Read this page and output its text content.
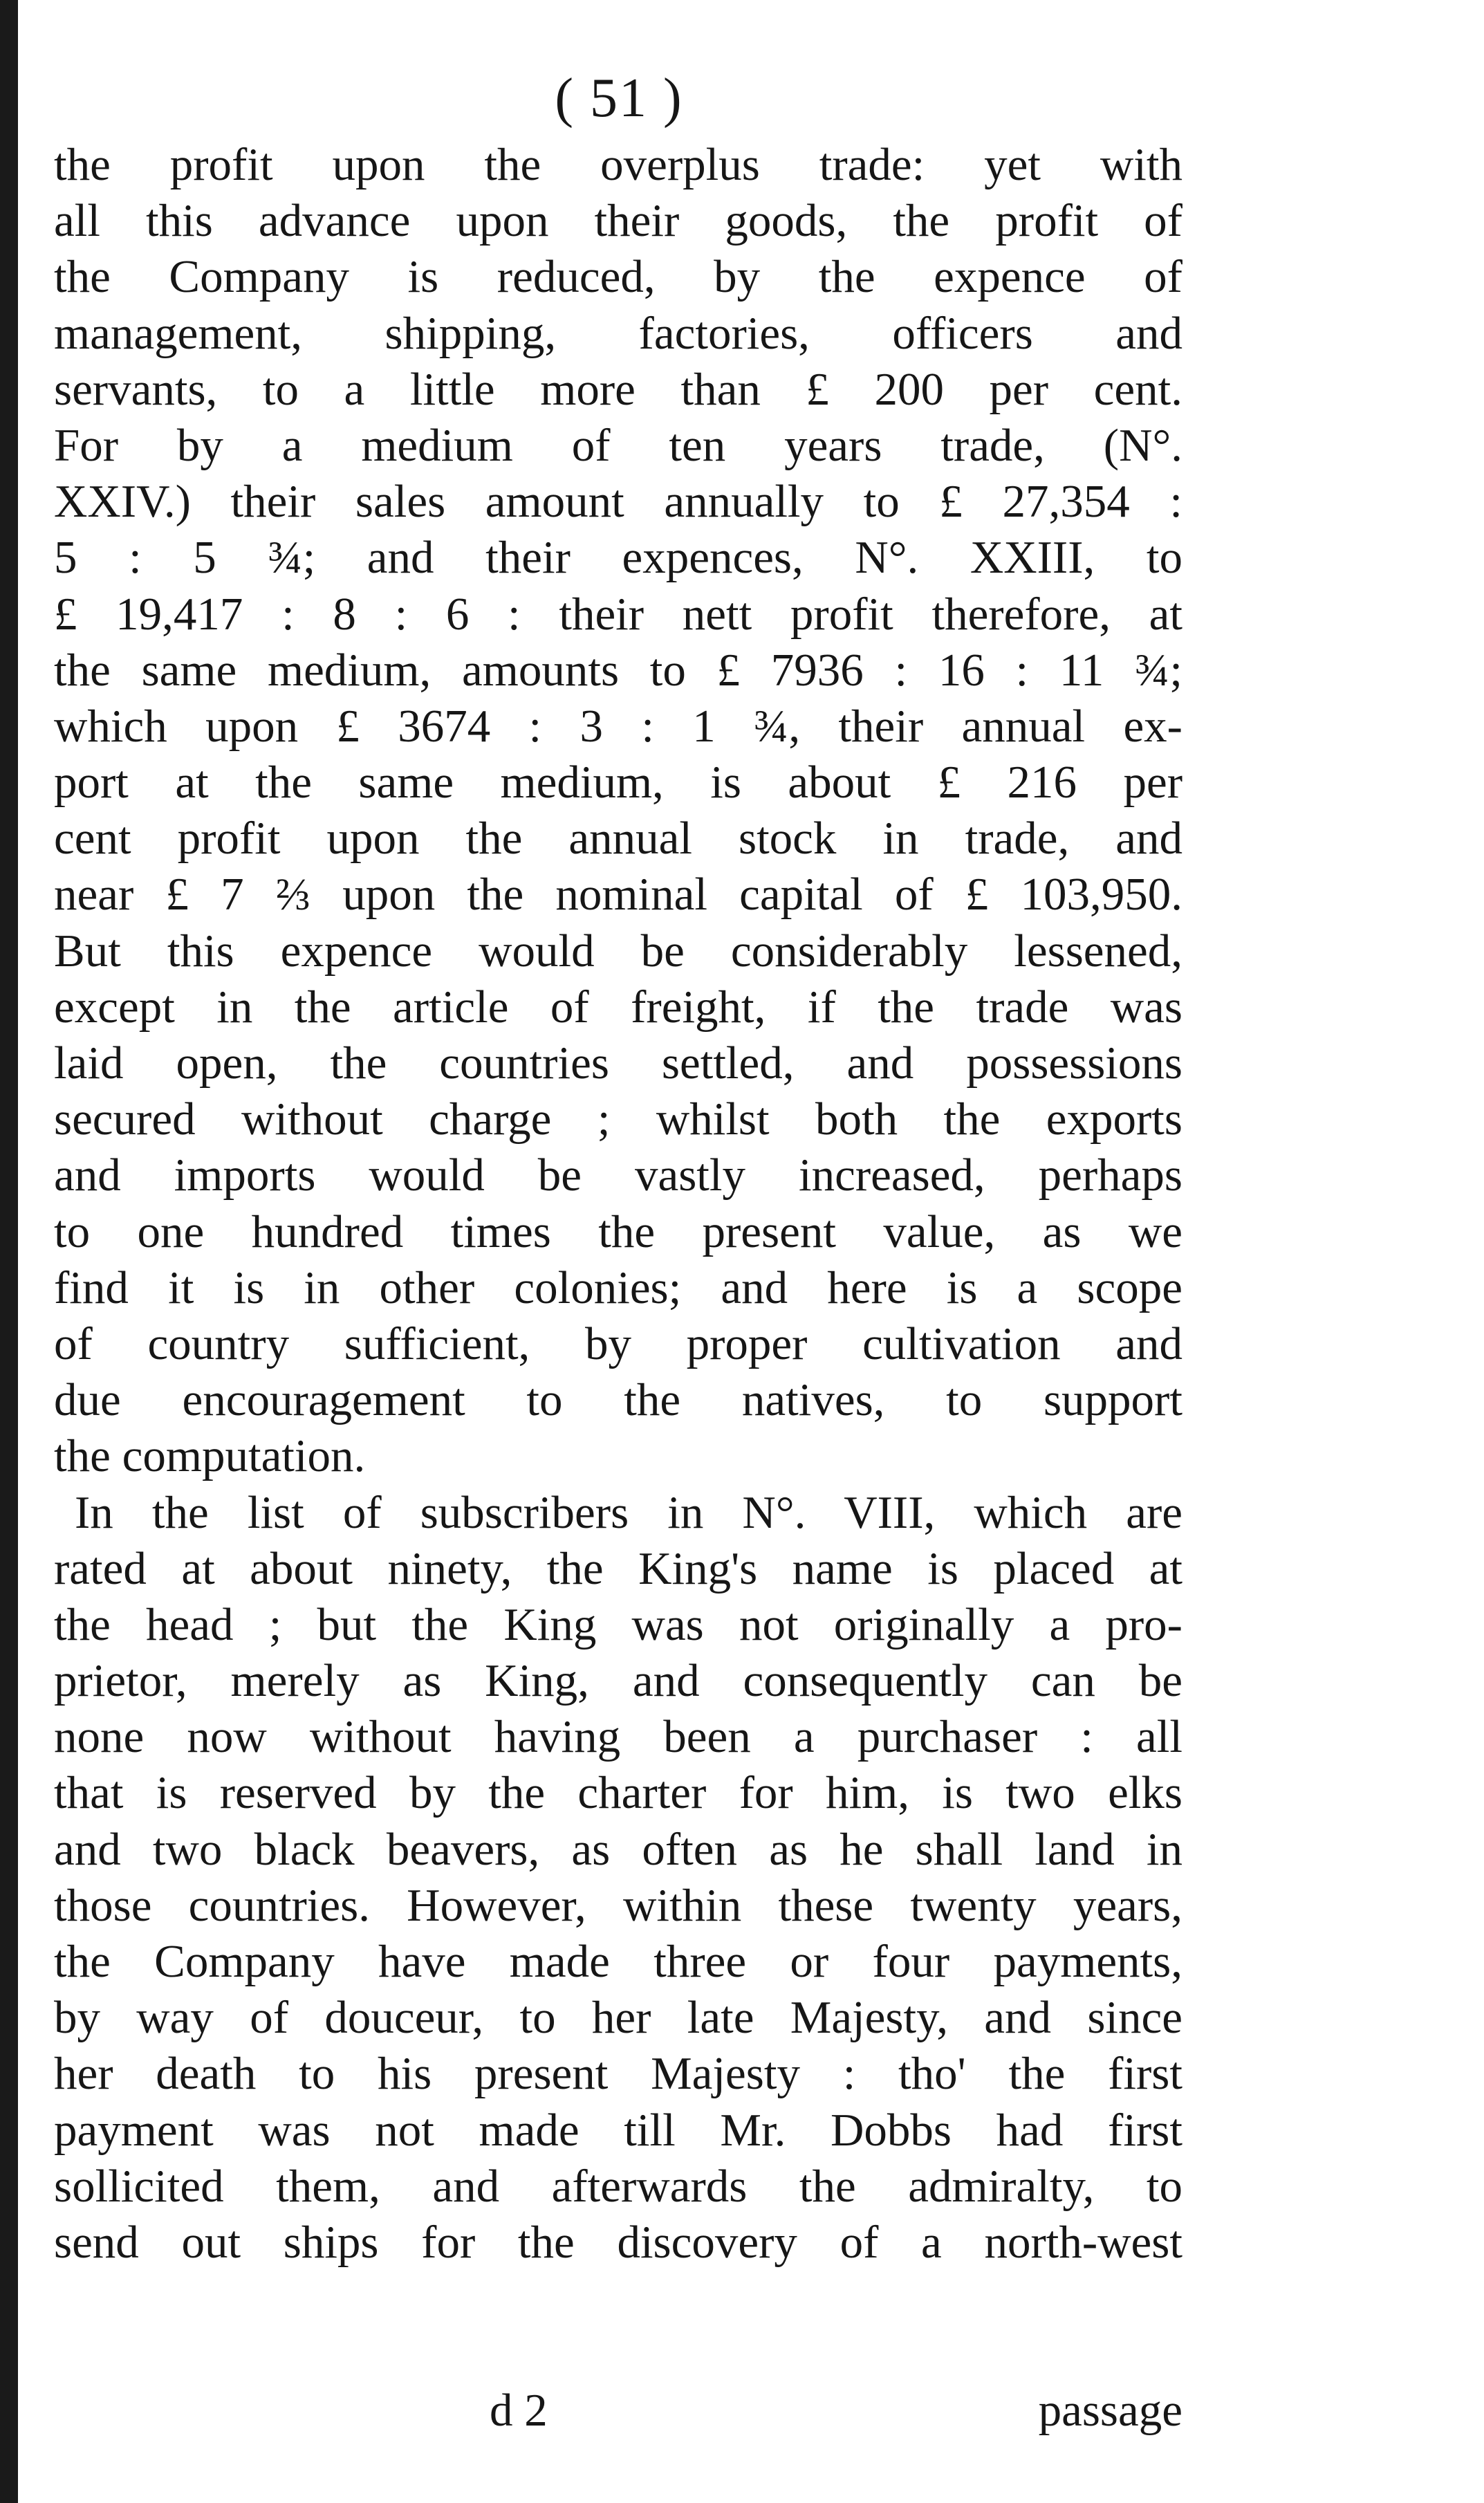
( 51 )
the profit upon the overplus trade: yet with
all this advance upon their goods, the profit of
the Company is reduced, by the expence of
management, shipping, factories, officers and
servants, to a little more than £ 200 per cent.
For by a medium of ten years trade, (N°.
XXIV.) their sales amount annually to £ 27,354 :
5 : 5 ¾; and their expences, N°. XXIII, to
£ 19,417 : 8 : 6 : their nett profit therefore, at
the same medium, amounts to £ 7936 : 16 : 11 ¾;
which upon £ 3674 : 3 : 1 ¾, their annual ex-
port at the same medium, is about £ 216 per
cent profit upon the annual stock in trade, and
near £ 7 ⅔ upon the nominal capital of £ 103,950.
But this expence would be considerably lessened,
except in the article of freight, if the trade was
laid open, the countries settled, and possessions
secured without charge ; whilst both the exports
and imports would be vastly increased, perhaps
to one hundred times the present value, as we
find it is in other colonies; and here is a scope
of country sufficient, by proper cultivation and
due encouragement to the natives, to support
the computation.
In the list of subscribers in N°. VIII, which are
rated at about ninety, the King's name is placed at
the head ; but the King was not originally a pro-
prietor, merely as King, and consequently can be
none now without having been a purchaser : all
that is reserved by the charter for him, is two elks
and two black beavers, as often as he shall land in
those countries. However, within these twenty years,
the Company have made three or four payments,
by way of douceur, to her late Majesty, and since
her death to his present Majesty : tho' the first
payment was not made till Mr. Dobbs had first
sollicited them, and afterwards the admiralty, to
send out ships for the discovery of a north-west
d 2	passage
